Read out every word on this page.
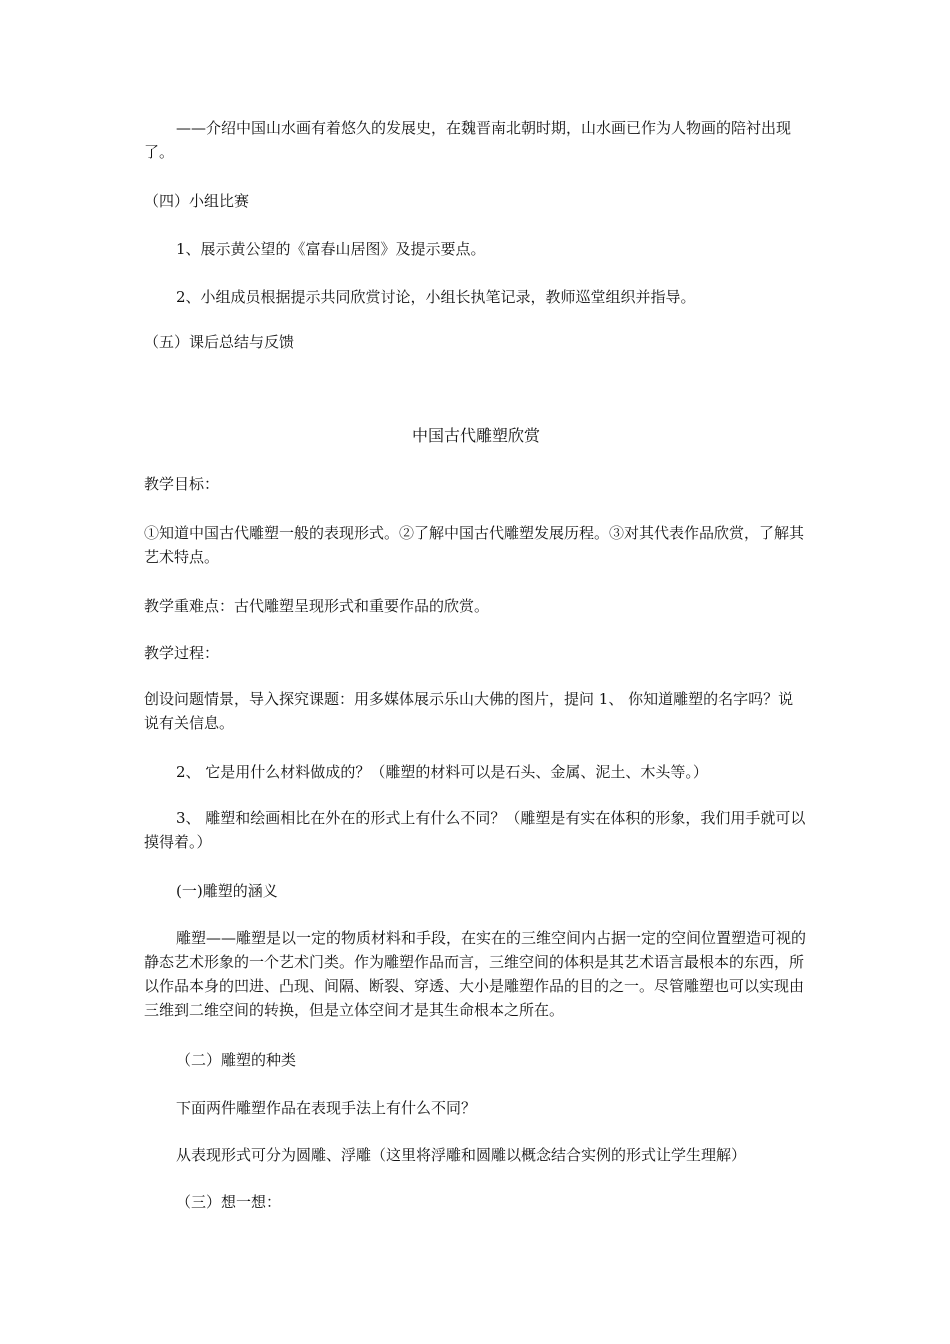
——介绍中国山水画有着悠久的发展史，在魏晋南北朝时期，山水画已作为人物画的陪衬出现了。

（四）小组比赛

1、展示黄公望的《富春山居图》及提示要点。

2、小组成员根据提示共同欣赏讨论，小组长执笔记录，教师巡堂组织并指导。

（五）课后总结与反馈

中国古代雕塑欣赏

教学目标：

①知道中国古代雕塑一般的表现形式。②了解中国古代雕塑发展历程。③对其代表作品欣赏，了解其艺术特点。

教学重难点：古代雕塑呈现形式和重要作品的欣赏。

教学过程：

创设问题情景，导入探究课题：用多媒体展示乐山大佛的图片，提问 1、 你知道雕塑的名字吗？说说有关信息。

2、 它是用什么材料做成的？（雕塑的材料可以是石头、金属、泥土、木头等。）

3、 雕塑和绘画相比在外在的形式上有什么不同？（雕塑是有实在体积的形象，我们用手就可以摸得着。）

(一)雕塑的涵义

雕塑——雕塑是以一定的物质材料和手段，在实在的三维空间内占据一定的空间位置塑造可视的静态艺术形象的一个艺术门类。作为雕塑作品而言，三维空间的体积是其艺术语言最根本的东西，所以作品本身的凹进、凸现、间隔、断裂、穿透、大小是雕塑作品的目的之一。尽管雕塑也可以实现由三维到二维空间的转换，但是立体空间才是其生命根本之所在。

（二）雕塑的种类

下面两件雕塑作品在表现手法上有什么不同？

从表现形式可分为圆雕、浮雕（这里将浮雕和圆雕以概念结合实例的形式让学生理解）

（三）想一想：
